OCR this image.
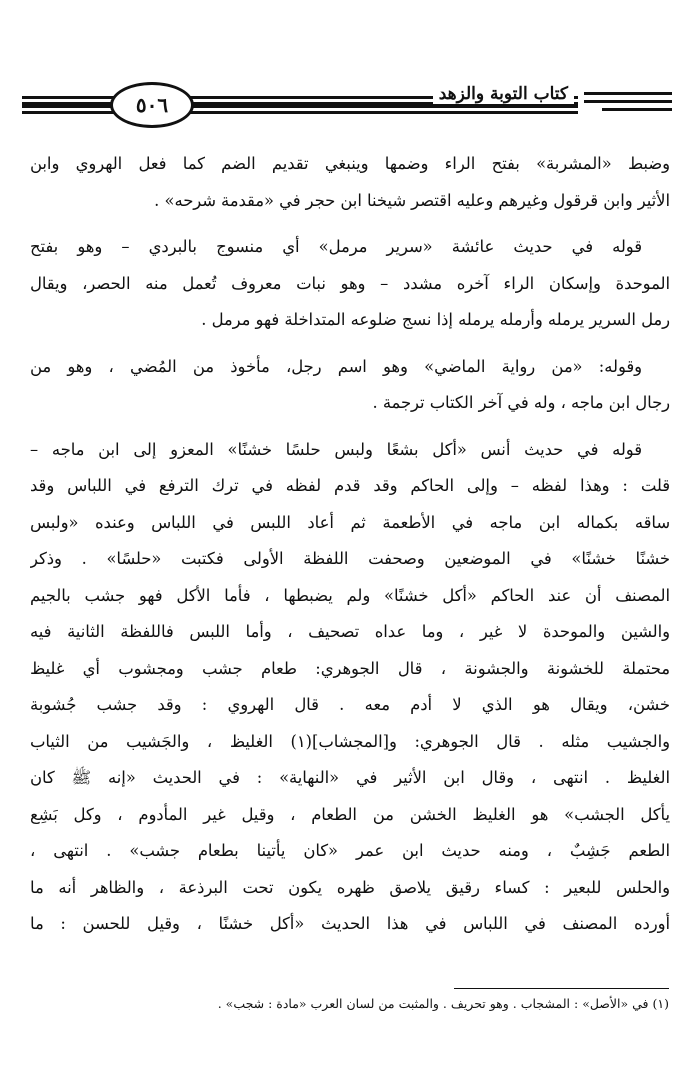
٥٠٦	كتاب التوبة والزهد
وضبط «المشربة» بفتح الراء وضمها وينبغي تقديم الضم كما فعل الهروي وابن
الأثير وابن قرقول وغيرهم وعليه اقتصر شيخنا ابن حجر في «مقدمة شرحه» .
قوله في حديث عائشة «سرير مرمل» أي منسوج بالبردي – وهو بفتح
الموحدة وإسكان الراء آخره مشدد – وهو نبات معروف تُعمل منه الحصر، ويقال
رمل السرير يرمله وأرمله يرمله إذا نسج ضلوعه المتداخلة فهو مرمل .
وقوله: «من رواية الماضي» وهو اسم رجل، مأخوذ من المُضي ، وهو من
رجال ابن ماجه ، وله في آخر الكتاب ترجمة .
قوله في حديث أنس «أكل بشعًا ولبس حلسًا خشنًا» المعزو إلى ابن ماجه –
قلت : وهذا لفظه – وإلى الحاكم وقد قدم لفظه في ترك الترفع في اللباس وقد
ساقه بكماله ابن ماجه في الأطعمة ثم أعاد اللبس في اللباس وعنده «ولبس
خشنًا خشنًا» في الموضعين وصحفت اللفظة الأولى فكتبت «حلسًا» . وذكر
المصنف أن عند الحاكم «أكل خشنًا» ولم يضبطها ، فأما الأكل فهو جشب بالجيم
والشين والموحدة لا غير ، وما عداه تصحيف ، وأما اللبس فاللفظة الثانية فيه
محتملة للخشونة والجشونة ، قال الجوهري: طعام جشب ومجشوب أي غليظ
خشن، ويقال هو الذي لا أدم معه . قال الهروي : وقد جشب جُشوبة
والجشيب مثله . قال الجوهري: و[المجشاب](١) الغليظ ، والجَشيب من الثياب
الغليظ . انتهى ، وقال ابن الأثير في «النهاية» : في الحديث «إنه ﷺ كان
يأكل الجشب» هو الغليظ الخشن من الطعام ، وقيل غير المأدوم ، وكل بَشِع
الطعم جَشِبٌ ، ومنه حديث ابن عمر «كان يأتينا بطعام جشب» . انتهى ،
والحلس للبعير : كساء رقيق يلاصق ظهره يكون تحت البرذعة ، والظاهر أنه ما
أورده المصنف في اللباس في هذا الحديث «أكل خشنًا ، وقيل للحسن : ما
(١) في «الأصل» : المشجاب . وهو تحريف . والمثبت من لسان العرب «مادة : شجب» .
